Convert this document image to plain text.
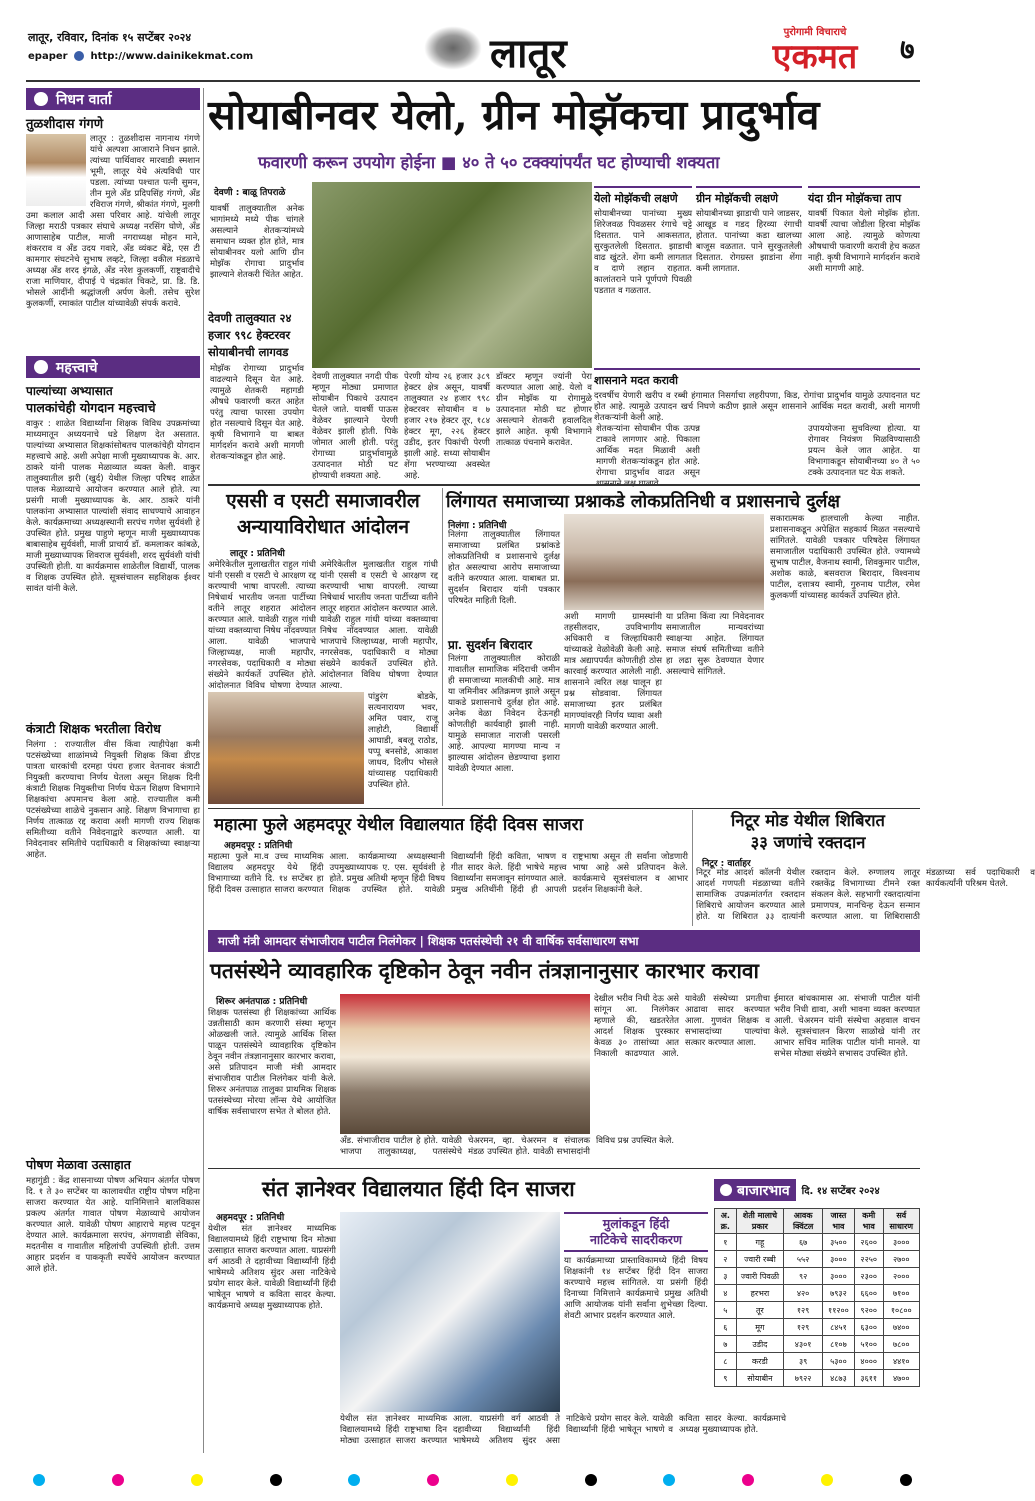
लातूर, रविवार, दिनांक १५ सप्टेंबर २०२४
epaper http://www.dainikekmat.com	लातूर	पुरोगामी विचाराचे
एकमत	७
निधन वार्ता
तुळशीदास गंगणे
लातूर : तुळशीदास नागनाथ गंगणे यांचे अल्पशा आजाराने निधन झाले. त्यांच्या पार्थिवावर मारवाडी स्मशान भूमी, लातूर येथे अंत्यविधी पार पडला. त्यांच्या पश्चात पत्नी सुमन, तीन मुले अँड प्रदिपसिंह गंगणे, अँड रविराज गंगणे, श्रीकांत गंगणे, मुलगी उमा कलाल आदी असा परिवार आहे. यांचेली लातूर जिल्हा मराठी पत्रकार संघाचे अध्यक्ष नरसिंग घोणे, अँड आणासाहेब पाटील, माजी नगराध्यक्ष मोहन माने, शंकरराव व अँड उदय गवारे, अँड व्यंकट बेंद्रे, एस टी कामगार संघटनेचे सुभाष लव्हटे, जिल्हा वकील मंडळाचे अध्यक्ष अँड शरद इंगळे, अँड नरेश कुलकर्णी, राष्ट्रवादीचे राजा माणियार, दीपाई पे चंद्रकांत चिकटे, प्रा. डि. डि. भोसले आदींनी श्रद्धांजली अर्पण केली. तसेच सुरेश कुलकर्णी, रमाकांत पाटील यांच्यावेळी संपर्क करावे.
महत्त्वाचे
पाल्यांच्या अभ्यासात
पालकांचेही योगदान महत्त्वाचे
वाकुर : शाळेत विद्यार्थ्यांना शिक्षक विविध उपक्रमांच्या माध्यमातून अध्ययनाचे धडे शिक्षण देत असतात. पाल्यांच्या अभ्यासात शिक्षकांसोबतच पालकांचेही योगदान महत्त्वाचे आहे. अशी अपेक्षा माजी मुख्याध्यापक के. आर. ठाकरे यांनी पालक मेळाव्यात व्यक्त केली. वाकुर तालुक्यातील झरी (खुर्द) येथील जिल्हा परिषद शाळेत पालक मेळाव्याचे आयोजन करण्यात आले होते. त्या प्रसंगी माजी मुख्याध्यापक के. आर. ठाकरे यांनी पालकांना अभ्यासात पाल्यांशी संवाद साधण्याचे आवाहन केले. कार्यक्रमाच्या अध्यक्षस्थानी सरपंच गणेश सुर्यवंशी हे उपस्थित होते. प्रमुख पाहुणे म्हणून माजी मुख्याध्यापक बाबासाहेब सुर्यवंशी, माजी प्राचार्य डॉ. कमलाकर कांबळे, माजी मुख्याध्यापक शिवराज सुर्यवंशी, शरद सुर्यवंशी यांची उपस्थिती होती. या कार्यक्रमास शाळेतील विद्यार्थी, पालक व शिक्षक उपस्थित होते. सूत्रसंचालन सहशिक्षक ईश्वर सावंत यांनी केले.
कंत्राटी शिक्षक भरतीला विरोध
निलंगा : राज्यातील वीस किंवा त्याहीपेक्षा कमी पटसंख्येच्या शाळांमध्ये नियुक्ती शिक्षक किंवा डीएड पात्रता धारकांची दरमहा पंधरा हजार वेतनावर कंत्राटी नियुक्ती करण्याचा निर्णय घेतला असून शिक्षक दिनी कंत्राटी शिक्षक नियुक्तीचा निर्णय घेऊन शिक्षण विभागाने शिक्षकांचा अपमानच केला आहे. राज्यातील कमी पटसंख्येच्या शाळेचे नुकसान आहे. शिक्षण विभागाचा हा निर्णय तात्काळ रद्द करावा अशी मागणी राज्य शिक्षक समितीच्या वतीने निवेदनाद्वारे करण्यात आली. या निवेदनावर समितीचे पदाधिकारी व शिक्षकांच्या स्वाक्षऱ्या आहेत.
पोषण मेळावा उत्साहात
महागुंडी : केंद्र शासनाच्या पोषण अभियान अंतर्गत पोषण दि. १ ते ३० सप्टेंबर या कालावधीत राष्ट्रीय पोषण महिना साजरा करण्यात येत आहे. यानिमित्ताने बालविकास प्रकल्प अंतर्गत गावात पोषण मेळाव्याचे आयोजन करण्यात आले. यावेळी पोषण आहाराचे महत्त्व पटवून देण्यात आले. कार्यक्रमाला सरपंच, अंगणवाडी सेविका, मदतनीस व गावातील महिलांची उपस्थिती होती. उत्तम आहार प्रदर्शन व पाककृती स्पर्धेचे आयोजन करण्यात आले होते.
सोयाबीनवर येलो, ग्रीन मोझॅकचा प्रादुर्भाव
फवारणी करून उपयोग होईना ■ ४० ते ५० टक्क्यांपर्यंत घट होण्याची शक्यता
देवणी : बाळू तिपराळे
यावर्षी तालुक्यातील अनेक भागांमध्ये मध्ये पीक चांगले असल्याने शेतकऱ्यांमध्ये समाधान व्यक्त होत होते, मात्र सोयाबीनवर यलो आणि ग्रीन मोझॅक रोगाचा प्रादुर्भाव झाल्याने शेतकरी चिंतेत आहेत.
देवणी तालुक्यात २४
हजार ९९८ हेक्टरवर
सोयाबीनची लागवड
मोझॅक रोगाच्या प्रादुर्भाव वाढल्याने दिसून येत आहे. त्यामुळे शेतकरी महागडी औषधे फवारणी करत आहेत परंतु त्याचा फारसा उपयोग होत नसल्याचे दिसून येत आहे. कृषी विभागाने या बाबत मार्गदर्शन करावे अशी मागणी शेतकऱ्यांकडून होत आहे.
देवणी तालुक्यात नगदी पीक म्हणून मोठ्या प्रमाणात सोयाबीन पिकाचे उत्पादन घेतले जाते. यावर्षी पाऊस वेळेवर झाल्याने पेरणी वेळेवर झाली होती. पिके जोमात आली होती. परंतु रोगाच्या प्रादुर्भावामुळे उत्पादनात मोठी घट होण्याची शक्यता आहे.
पेरणी योग्य २६ हजार ३८९ हेक्टर क्षेत्र असून, यावर्षी तालुक्यात २४ हजार ९९८ हेक्टरवर सोयाबीन व ७ हजार २१७ हेक्टर तूर, १८४ हेक्टर मूग, २२६ हेक्टर उडीद, इतर पिकांची पेरणी झाली आहे. सध्या सोयाबीन शेंगा भरण्याच्या अवस्थेत आहे.
डॉक्टर म्हणून ज्यांनी पेरा करण्यात आला आहे. येलो व ग्रीन मोझॅक या रोगामुळे उत्पादनात मोठी घट होणार असल्याने शेतकरी हवालदिल झाले आहेत. कृषी विभागाने तात्काळ पंचनामे करावेत.
शेतकऱ्यांना सोयाबीन पीक उत्पन्न टाकावे लागणार आहे. पिकाला आर्थिक मदत मिळावी अशी मागणी शेतकऱ्यांकडून होत आहे. रोगाचा प्रादुर्भाव वाढत असून
उपाययोजना सुचविल्या होत्या. या रोगावर नियंत्रण मिळविण्यासाठी प्रयत्न केले जात आहेत. या विभागाकडून सोयाबीनच्या ४० ते ५० टक्के उत्पादनात घट येऊ शकते.
येलो मोझॅकची लक्षणे
सोयाबीनच्या पानांच्या मुख्य शिरेजवळ पिवळसर रंगाचे चट्टे दिसतात. पाने आकसतात, सुरकुतलेली दिसतात. झाडाची वाढ खुंटते. शेंगा कमी लागतात व दाणे लहान राहतात. कालांतराने पाने पूर्णपणे पिवळी पडतात व गळतात.
ग्रीन मोझॅकची लक्षणे
सोयाबीनच्या झाडाची पाने जाडसर, आखूड व गडद हिरव्या रंगाची होतात. पानांच्या कडा खालच्या बाजूस वळतात. पाने सुरकुतलेली दिसतात. रोगग्रस्त झाडांना शेंगा कमी लागतात.
यंदा ग्रीन मोझॅकचा ताप
यावर्षी पिकात येलो मोझॅक होता. यावर्षी त्याचा जोडीला हिरवा मोझॅक आला आहे. त्यामुळे कोणत्या औषधाची फवारणी करावी हेच कळत नाही. कृषी विभागाने मार्गदर्शन करावे अशी मागणी आहे.
शासनाने मदत करावी
दरवर्षीच येणारी खरीप व रब्बी हंगामात निसर्गाचा लहरीपणा, किड, रोगांचा प्रादुर्भाव यामुळे उत्पादनात घट होत आहे. त्यामुळे उत्पादन खर्च निघणे कठीण झाले असून शासनाने आर्थिक मदत करावी, अशी मागणी शेतकऱ्यांनी केली आहे.
एससी व एसटी समाजावरील
अन्यायाविरोधात आंदोलन
लातूर : प्रतिनिधी
अमेरिकेतील मुलाखतीत राहुल गांधी यांनी एससी व एसटी चे आरक्षण रद्द करण्याची भाषा वापरली. त्याच्या निषेधार्थ भारतीय जनता पार्टीच्या वतीने लातूर शहरात आंदोलन करण्यात आले. यावेळी राहुल गांधी यांच्या वक्तव्याचा निषेध नोंदवण्यात आला. यावेळी भाजपाचे जिल्हाध्यक्ष, माजी महापौर, नगरसेवक, पदाधिकारी व मोठ्या संख्येने कार्यकर्ते उपस्थित होते. आंदोलनात विविध घोषणा देण्यात
पांडुरंग बोडके, सत्यनारायण भवर, अमित पवार, राजू लाहोटी, विद्यार्थी आघाडी, बबलू राठोड, पप्पू बनसोडे, आकाश जाधव, दिलीप भोसले यांच्यासह पदाधिकारी उपस्थित होते.
अमेरिकेतील मुलाखतीत राहुल गांधी यांनी एससी व एसटी चे आरक्षण रद्द करण्याची भाषा वापरली. त्याच्या निषेधार्थ भारतीय जनता पार्टीच्या वतीने लातूर शहरात आंदोलन करण्यात आले. यावेळी राहुल गांधी यांच्या वक्तव्याचा निषेध नोंदवण्यात आला. यावेळी भाजपाचे जिल्हाध्यक्ष, माजी महापौर, नगरसेवक, पदाधिकारी व मोठ्या संख्येने कार्यकर्ते उपस्थित होते. आंदोलनात विविध घोषणा देण्यात आल्या.
लिंगायत समाजाच्या प्रश्नाकडे लोकप्रतिनिधी व प्रशासनाचे दुर्लक्ष
निलंगा : प्रतिनिधी
निलंगा तालुक्यातील लिंगायत समाजाच्या प्रलंबित प्रश्नांकडे लोकप्रतिनिधी व प्रशासनाचे दुर्लक्ष होत असल्याचा आरोप समाजाच्या वतीने करण्यात आला. याबाबत प्रा. सुदर्शन बिरादार यांनी पत्रकार परिषदेत माहिती दिली.
प्रा. सुदर्शन बिरादार
निलंगा तालुक्यातील कोराळी गावातील सामाजिक मंदिराची जमीन ही समाजाच्या मालकीची आहे. मात्र या जमिनीवर अतिक्रमण झाले असून याकडे प्रशासनाचे दुर्लक्ष होत आहे. अनेक वेळा निवेदन देऊनही कोणतीही कार्यवाही झाली नाही. यामुळे समाजात नाराजी पसरली आहे. आपल्या मागण्या मान्य न झाल्यास आंदोलन छेडण्याचा इशारा यावेळी देण्यात आला.
अशी मागणी ग्रामस्थांनी तहसीलदार, उपविभागीय अधिकारी व जिल्हाधिकारी यांच्याकडे वेळोवेळी केली आहे. मात्र अद्यापपर्यंत कोणतीही ठोस कारवाई करण्यात आलेली नाही. शासनाने त्वरित लक्ष घालून हा प्रश्न सोडवावा. लिंगायत समाजाच्या इतर प्रलंबित मागण्यांवरही निर्णय घ्यावा अशी मागणी यावेळी करण्यात आली.
या प्रतिमा किंवा त्या निवेदनावर समाजातील मान्यवरांच्या स्वाक्षऱ्या आहेत. लिंगायत समाज संघर्ष समितीच्या वतीने हा लढा सुरू ठेवण्यात येणार असल्याचे सांगितले.
सकारात्मक हालचाली केल्या नाहीत. प्रशासनाकडून अपेक्षित सहकार्य मिळत नसल्याचे सांगितले. यावेळी पत्रकार परिषदेस लिंगायत समाजातील पदाधिकारी उपस्थित होते. ज्यामध्ये सुभाष पाटील, वैजनाथ स्वामी, शिवकुमार पाटील, अशोक काळे, बसवराज बिरादार, विश्वनाथ पाटील, दत्तात्रय स्वामी, गुरुनाथ पाटील, रमेश कुलकर्णी यांच्यासह कार्यकर्ते उपस्थित होते.
महात्मा फुले अहमदपूर येथील विद्यालयात हिंदी दिवस साजरा
अहमदपूर : प्रतिनिधी
महात्मा फुले मा.व उच्च माध्यमिक विद्यालय अहमदपूर येथे हिंदी विभागाच्या वतीने दि. १४ सप्टेंबर हा हिंदी दिवस उत्साहात साजरा करण्यात आला. कार्यक्रमाच्या अध्यक्षस्थानी उपमुख्याध्यापक ए. एस. सूर्यवंशी हे होते. प्रमुख अतिथी म्हणून हिंदी विषय शिक्षक उपस्थित होते. यावेळी विद्यार्थ्यांनी हिंदी कविता, भाषण व गीत सादर केले. हिंदी भाषेचे महत्त्व विद्यार्थ्यांना समजावून सांगण्यात आले. प्रमुख अतिथींनी हिंदी ही आपली राष्ट्रभाषा असून ती सर्वांना जोडणारी भाषा आहे असे प्रतिपादन केले. कार्यक्रमाचे सूत्रसंचालन व आभार प्रदर्शन शिक्षकांनी केले.
निटूर मोड येथील शिबिरात
३३ जणांचे रक्तदान
निटूर : वार्ताहर
निटूर मोड आदर्श कॉलनी येथील आदर्श गणपती मंडळाच्या वतीने सामाजिक उपक्रमांतर्गत रक्तदान शिबिराचे आयोजन करण्यात आले होते. या शिबिरात ३३ दात्यांनी रक्तदान केले. रुग्णालय लातूर रक्तकेंद्र विभागाच्या टीमने रक्त संकलन केले. सहभागी रक्तदात्यांना प्रमाणपत्र, मानचिन्ह देऊन सन्मान करण्यात आला. या शिबिरासाठी मंडळाच्या सर्व पदाधिकारी व कार्यकर्त्यांनी परिश्रम घेतले.
माजी मंत्री आमदार संभाजीराव पाटील निलंगेकर | शिक्षक पतसंस्थेची २१ वी वार्षिक सर्वसाधारण सभा
पतसंस्थेने व्यावहारिक दृष्टिकोन ठेवून नवीन तंत्रज्ञानानुसार कारभार करावा
शिरूर अनंतपाळ : प्रतिनिधी
शिक्षक पतसंस्था ही शिक्षकांच्या आर्थिक उन्नतीसाठी काम करणारी संस्था म्हणून ओळखली जाते. त्यामुळे आर्थिक शिस्त पाळून पतसंस्थेने व्यावहारिक दृष्टिकोन ठेवून नवीन तंत्रज्ञानानुसार कारभार करावा, असे प्रतिपादन माजी मंत्री आमदार संभाजीराव पाटील निलंगेकर यांनी केले. शिरूर अनंतपाळ तालुका प्राथमिक शिक्षक पतसंस्थेच्या मोरया लॉन्स येथे आयोजित वार्षिक सर्वसाधारण सभेत ते बोलत होते.
अँड. संभाजीराव पाटील हे होते. यावेळी भाजपा तालुकाध्यक्ष, पतसंस्थेचे चेअरमन, व्हा. चेअरमन व संचालक मंडळ उपस्थित होते. यावेळी सभासदांनी विविध प्रश्न उपस्थित केले.
देखील भरीव निधी देऊ असे सांगून आ. निलंगेकर म्हणाले की, खडतरेतेत आदर्श शिक्षक पुरस्कार केवळ ३० तासांच्या आत निकाली काढण्यात आले. यावेळी संस्थेच्या प्रगतीचा आढावा सादर करण्यात आला. गुणवंत शिक्षक व सभासदांच्या पाल्यांचा सत्कार करण्यात आला.
ईमारत बांधकामास आ. संभाजी पाटील यांनी भरीव निधी द्यावा, अशी भावना व्यक्त करण्यात आली. चेअरमन यांनी संस्थेचा अहवाल वाचन केले. सूत्रसंचालन किरण साळोखे यांनी तर आभार सचिव मालिक पाटील यांनी मानले. या सभेस मोठ्या संख्येने सभासद उपस्थित होते.
संत ज्ञानेश्वर विद्यालयात हिंदी दिन साजरा
अहमदपूर : प्रतिनिधी
येथील संत ज्ञानेश्वर माध्यमिक विद्यालयामध्ये हिंदी राष्ट्रभाषा दिन मोठ्या उत्साहात साजरा करण्यात आला. याप्रसंगी वर्ग आठवी ते दहावीच्या विद्यार्थ्यांनी हिंदी भाषेमध्ये अतिशय सुंदर असा नाटिकेचे प्रयोग सादर केले. यावेळी विद्यार्थ्यांनी हिंदी भाषेतून भाषणे व कविता सादर केल्या. कार्यक्रमाचे अध्यक्ष मुख्याध्यापक होते.
येथील संत ज्ञानेश्वर माध्यमिक विद्यालयामध्ये हिंदी राष्ट्रभाषा दिन मोठ्या उत्साहात साजरा करण्यात आला. याप्रसंगी वर्ग आठवी ते दहावीच्या विद्यार्थ्यांनी हिंदी भाषेमध्ये अतिशय सुंदर असा नाटिकेचे प्रयोग सादर केले. यावेळी विद्यार्थ्यांनी हिंदी भाषेतून भाषणे व कविता सादर केल्या. कार्यक्रमाचे अध्यक्ष मुख्याध्यापक होते.
मुलांकडून हिंदी
नाटिकेचे सादरीकरण
या कार्यक्रमाच्या प्रास्ताविकामध्ये हिंदी विषय शिक्षकांनी १४ सप्टेंबर हिंदी दिन साजरा करण्याचे महत्त्व सांगितले. या प्रसंगी हिंदी दिनाच्या निमित्ताने कार्यक्रमाचे प्रमुख अतिथी आणि आयोजक यांनी सर्वांना शुभेच्छा दिल्या. शेवटी आभार प्रदर्शन करण्यात आले.
बाजारभाव दि. १४ सप्टेंबर २०२४
अ. क्र.	शेती मालाचे प्रकार	आवक क्विंटल	जास्त भाव	कमी भाव	सर्व साधारण
१	गहू	६७	३५००	२६००	३०००
२	ज्वारी रब्बी	५५२	३०००	२२५०	२७००
३	ज्वारी पिवळी	९२	३०००	२३००	२०००
४	हरभरा	४२०	७९३२	६६००	७१००
५	तूर	१२९	११२००	९२००	१०८००
६	मूग	१२९	८४५१	६३००	७४००
७	उडीद	४३०१	८१०७	५१००	७८००
८	करडी	३९	५३००	४०००	४४१०
९	सोयाबीन	७९२२	४८७३	३६११	४७००
